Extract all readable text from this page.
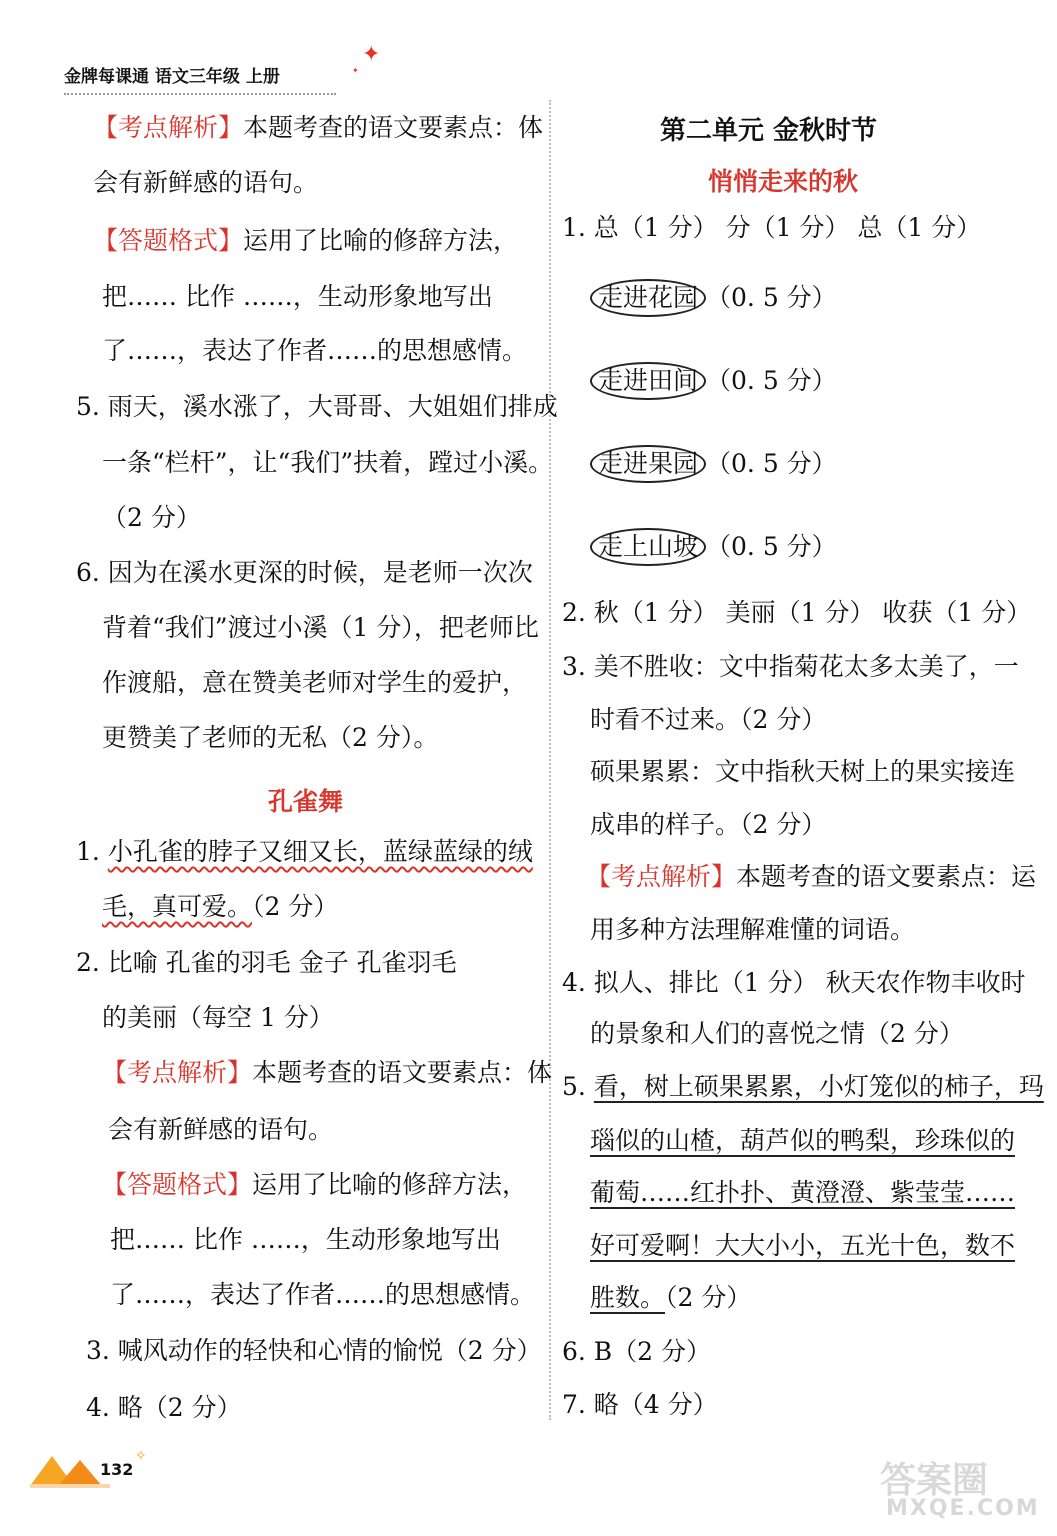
金牌每课通 语文三年级 上册
✦
✦
【考点解析】本题考查的语文要素点：体
会有新鲜感的语句。
【答题格式】运用了比喻的修辞方法，
把…… 比作 ……，生动形象地写出
了……，表达了作者……的思想感情。
5. 雨天，溪水涨了，大哥哥、大姐姐们排成
一条“栏杆”，让“我们”扶着，蹚过小溪。
（2 分）
6. 因为在溪水更深的时候，是老师一次次
背着“我们”渡过小溪（1 分），把老师比
作渡船，意在赞美老师对学生的爱护，
更赞美了老师的无私（2 分）。
孔雀舞
1. 小孔雀的脖子又细又长，蓝绿蓝绿的绒
毛，真可爱。（2 分）
2. 比喻 孔雀的羽毛 金子 孔雀羽毛
的美丽（每空 1 分）
【考点解析】本题考查的语文要素点：体
会有新鲜感的语句。
【答题格式】运用了比喻的修辞方法，
把…… 比作 ……，生动形象地写出
了……，表达了作者……的思想感情。
3. 喊风动作的轻快和心情的愉悦（2 分）
4. 略（2 分）
第二单元 金秋时节
悄悄走来的秋
1. 总（1 分） 分（1 分） 总（1 分）
走进花园 （0. 5 分）
走进田间 （0. 5 分）
走进果园 （0. 5 分）
走上山坡 （0. 5 分）
2. 秋（1 分） 美丽（1 分） 收获（1 分）
3. 美不胜收：文中指菊花太多太美了，一
时看不过来。（2 分）
硕果累累：文中指秋天树上的果实接连
成串的样子。（2 分）
【考点解析】本题考查的语文要素点：运
用多种方法理解难懂的词语。
4. 拟人、排比（1 分） 秋天农作物丰收时
的景象和人们的喜悦之情（2 分）
5. 看，树上硕果累累，小灯笼似的柿子，玛
瑙似的山楂，葫芦似的鸭梨，珍珠似的
葡萄……红扑扑、黄澄澄、紫莹莹……
好可爱啊！大大小小，五光十色，数不
胜数。（2 分）
6. B（2 分）
7. 略（4 分）
132
✧
答案圈
MXQE.COM
